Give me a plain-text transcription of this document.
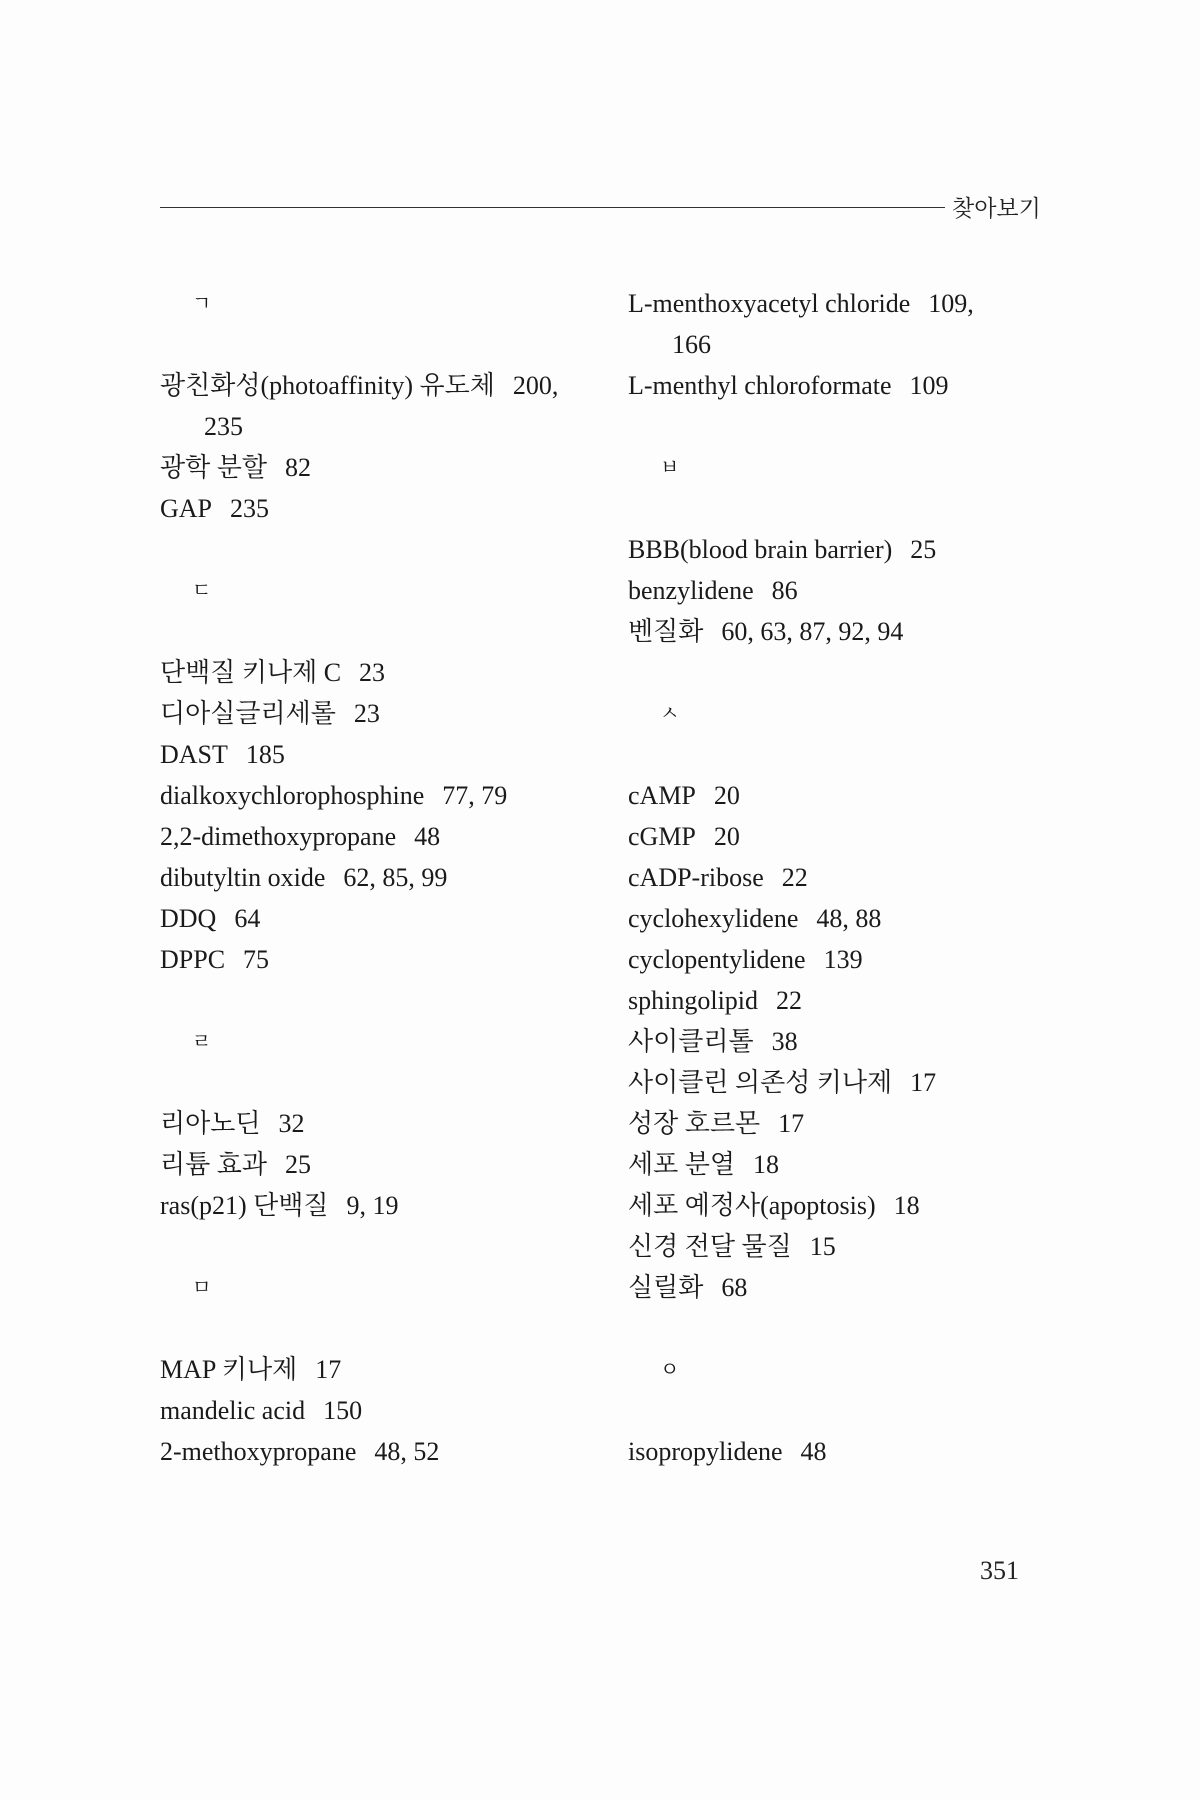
찾아보기
ㄱ
광친화성(photoaffinity) 유도체 200,
235
광학 분할 82
GAP 235
ㄷ
단백질 키나제 C 23
디아실글리세롤 23
DAST 185
dialkoxychlorophosphine 77, 79
2,2-dimethoxypropane 48
dibutyltin oxide 62, 85, 99
DDQ 64
DPPC 75
ㄹ
리아노딘 32
리튬 효과 25
ras(p21) 단백질 9, 19
ㅁ
MAP 키나제 17
mandelic acid 150
2-methoxypropane 48, 52
L-menthoxyacetyl chloride 109,
166
L-menthyl chloroformate 109
ㅂ
BBB(blood brain barrier) 25
benzylidene 86
벤질화 60, 63, 87, 92, 94
ㅅ
cAMP 20
cGMP 20
cADP-ribose 22
cyclohexylidene 48, 88
cyclopentylidene 139
sphingolipid 22
사이클리톨 38
사이클린 의존성 키나제 17
성장 호르몬 17
세포 분열 18
세포 예정사(apoptosis) 18
신경 전달 물질 15
실릴화 68
ㅇ
isopropylidene 48
351
